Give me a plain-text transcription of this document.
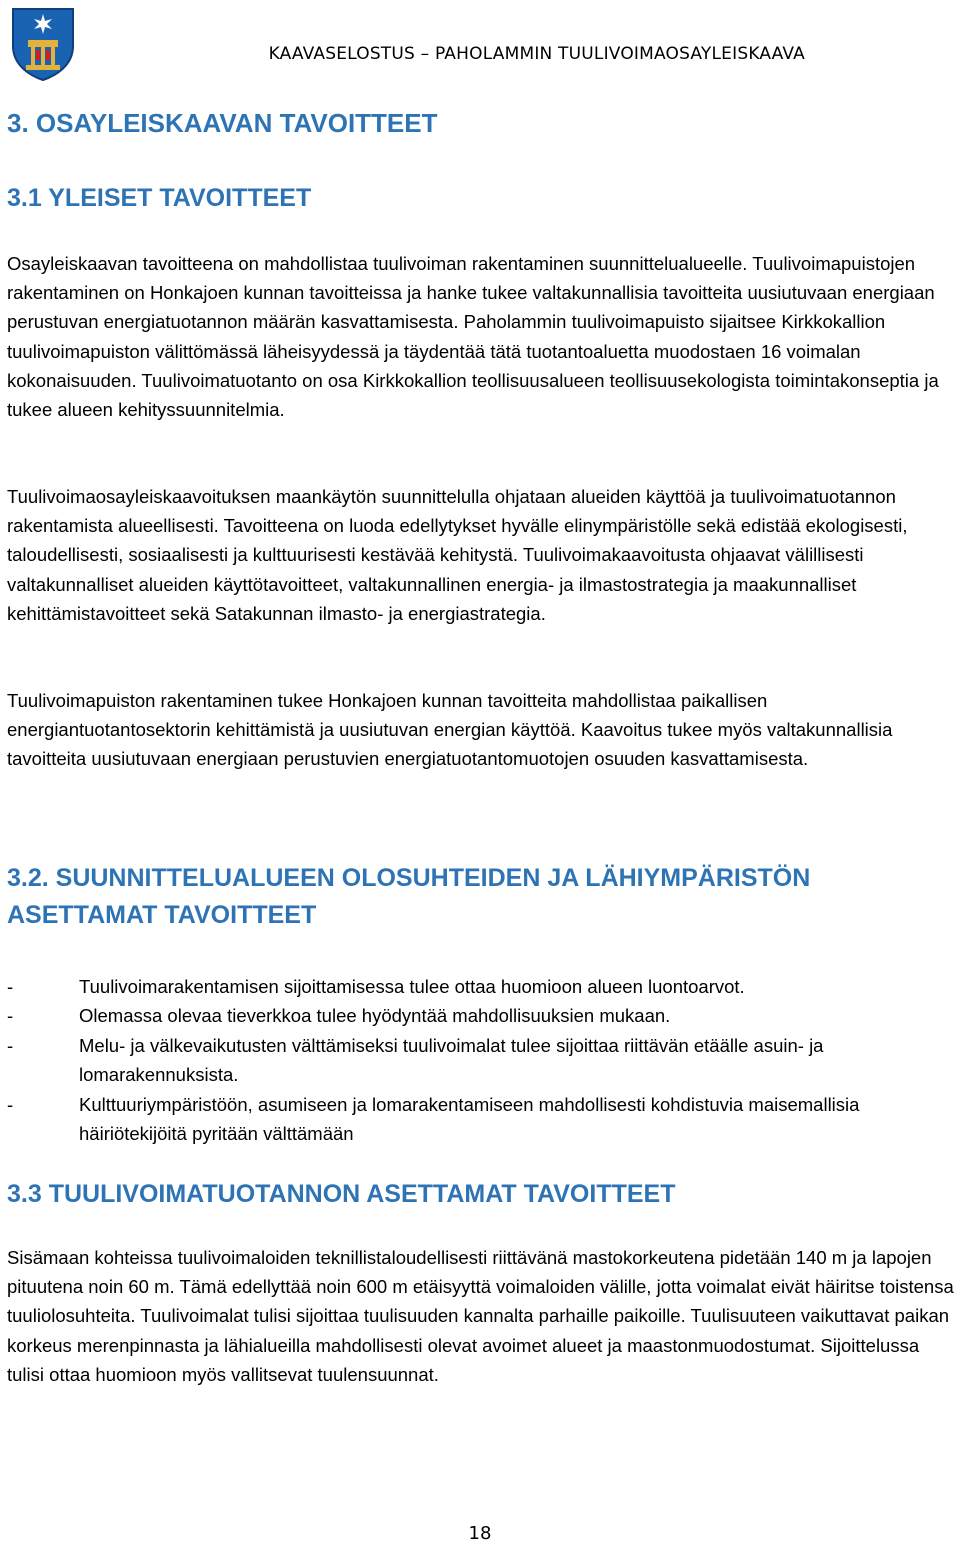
KAAVASELOSTUS – PAHOLAMMIN TUULIVOIMAOSAYLEISKAAVA
3. OSAYLEISKAAVAN TAVOITTEET
3.1 YLEISET TAVOITTEET

Osayleiskaavan tavoitteena on mahdollistaa tuulivoiman rakentaminen suunnittelualueelle. Tuulivoimapuistojen rakentaminen on Honkajoen kunnan tavoitteissa ja hanke tukee valtakunnallisia tavoitteita uusiutuvaan energiaan perustuvan energiatuotannon määrän kasvattamisesta. Paholammin tuulivoimapuisto sijaitsee Kirkkokallion tuulivoimapuiston välittömässä läheisyydessä ja täydentää tätä tuotantoaluetta muodostaen 16 voimalan kokonaisuuden. Tuulivoimatuotanto on osa Kirkkokallion teollisuusalueen teollisuusekologista toimintakonseptia ja tukee alueen kehityssuunnitelmia.

Tuulivoimaosayleiskaavoituksen maankäytön suunnittelulla ohjataan alueiden käyttöä ja tuulivoimatuotannon rakentamista alueellisesti. Tavoitteena on luoda edellytykset hyvälle elinympäristölle sekä edistää ekologisesti, taloudellisesti, sosiaalisesti ja kulttuurisesti kestävää kehitystä. Tuulivoimakaavoitusta ohjaavat välillisesti valtakunnalliset alueiden käyttötavoitteet, valtakunnallinen energia- ja ilmastostrategia ja maakunnalliset kehittämistavoitteet sekä Satakunnan ilmasto- ja energiastrategia.

Tuulivoimapuiston rakentaminen tukee Honkajoen kunnan tavoitteita mahdollistaa paikallisen energiantuotantosektorin kehittämistä ja uusiutuvan energian käyttöä. Kaavoitus tukee myös valtakunnallisia tavoitteita uusiutuvaan energiaan perustuvien energiatuotantomuotojen osuuden kasvattamisesta.

3.2. SUUNNITTELUALUEEN OLOSUHTEIDEN JA LÄHIYMPÄRISTÖN ASETTAMAT TAVOITTEET
-	Tuulivoimarakentamisen sijoittamisessa tulee ottaa huomioon alueen luontoarvot.
-	Olemassa olevaa tieverkkoa tulee hyödyntää mahdollisuuksien mukaan.
-	Melu- ja välkevaikutusten välttämiseksi tuulivoimalat tulee sijoittaa riittävän etäälle asuin- ja lomarakennuksista.
-	Kulttuuriympäristöön, asumiseen ja lomarakentamiseen mahdollisesti kohdistuvia maisemallisia häiriötekijöitä pyritään välttämään
3.3 TUULIVOIMATUOTANNON ASETTAMAT TAVOITTEET

Sisämaan kohteissa tuulivoimaloiden teknillistaloudellisesti riittävänä mastokorkeutena pidetään 140 m ja lapojen pituutena noin 60 m. Tämä edellyttää noin 600 m etäisyyttä voimaloiden välille, jotta voimalat eivät häiritse toistensa tuuliolosuhteita. Tuulivoimalat tulisi sijoittaa tuulisuuden kannalta parhaille paikoille. Tuulisuuteen vaikuttavat paikan korkeus merenpinnasta ja lähialueilla mahdollisesti olevat avoimet alueet ja maastonmuodostumat. Sijoittelussa tulisi ottaa huomioon myös vallitsevat tuulensuunnat.

18
